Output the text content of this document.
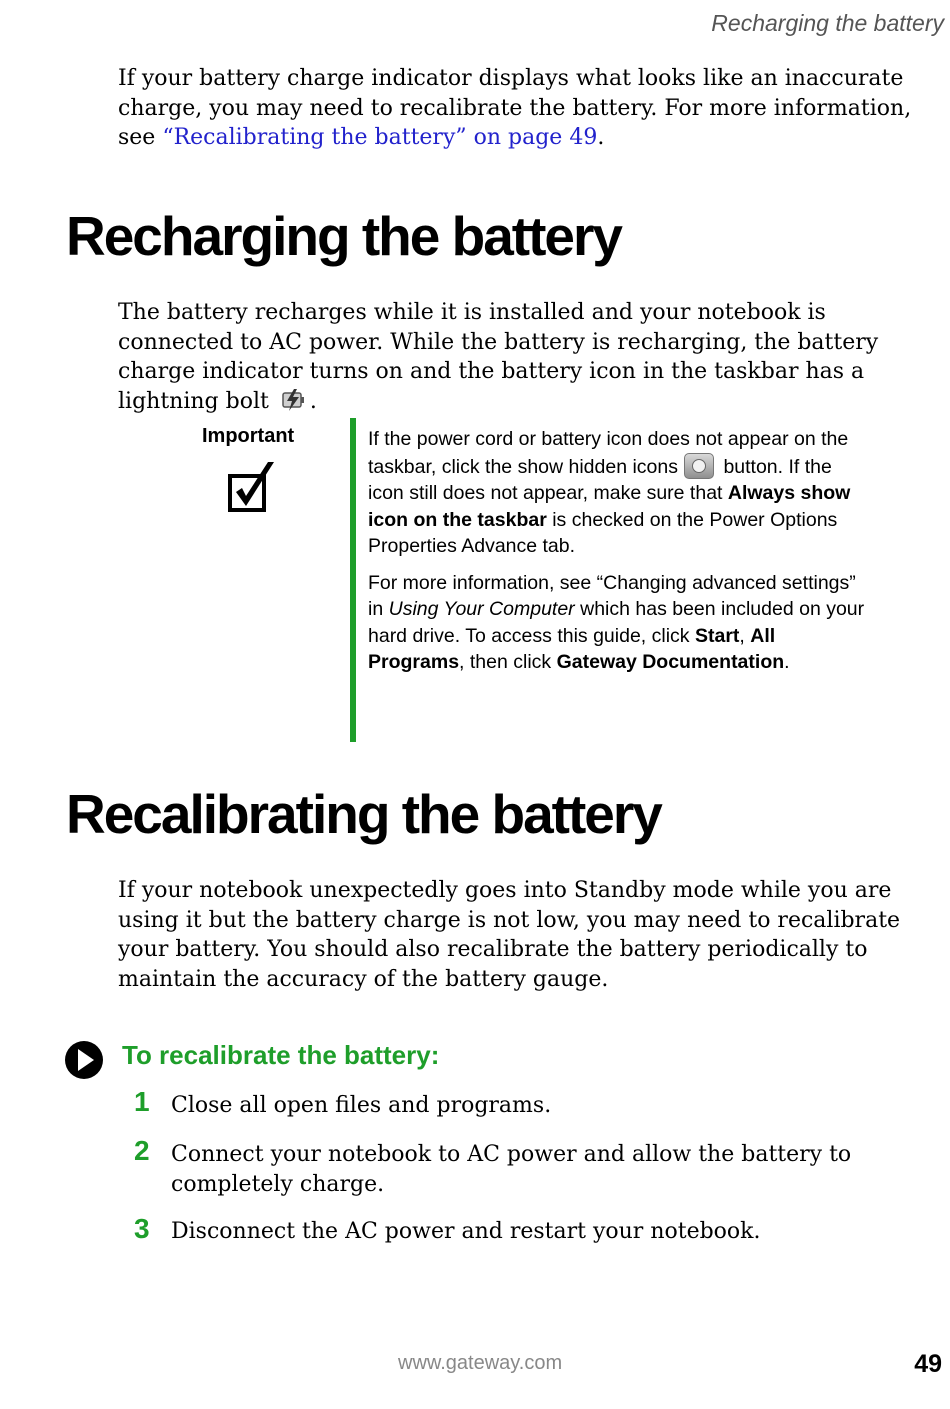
Recharging the battery

If your battery charge indicator displays what looks like an inaccurate charge, you may need to recalibrate the battery. For more information, see “Recalibrating the battery” on page 49.

Recharging the battery

The battery recharges while it is installed and your notebook is connected to AC power. While the battery is recharging, the battery charge indicator turns on and the battery icon in the taskbar has a lightning bolt .

Important	If the power cord or battery icon does not appear on the taskbar, click the show hidden icons button. If the icon still does not appear, make sure that Always show icon on the taskbar is checked on the Power Options Properties Advance tab.

For more information, see “Changing advanced settings” in Using Your Computer which has been included on your hard drive. To access this guide, click Start, All Programs, then click Gateway Documentation.

Recalibrating the battery

If your notebook unexpectedly goes into Standby mode while you are using it but the battery charge is not low, you may need to recalibrate your battery. You should also recalibrate the battery periodically to maintain the accuracy of the battery gauge.

To recalibrate the battery:
1 Close all open files and programs.
2 Connect your notebook to AC power and allow the battery to completely charge.
3 Disconnect the AC power and restart your notebook.
www.gateway.com	49
